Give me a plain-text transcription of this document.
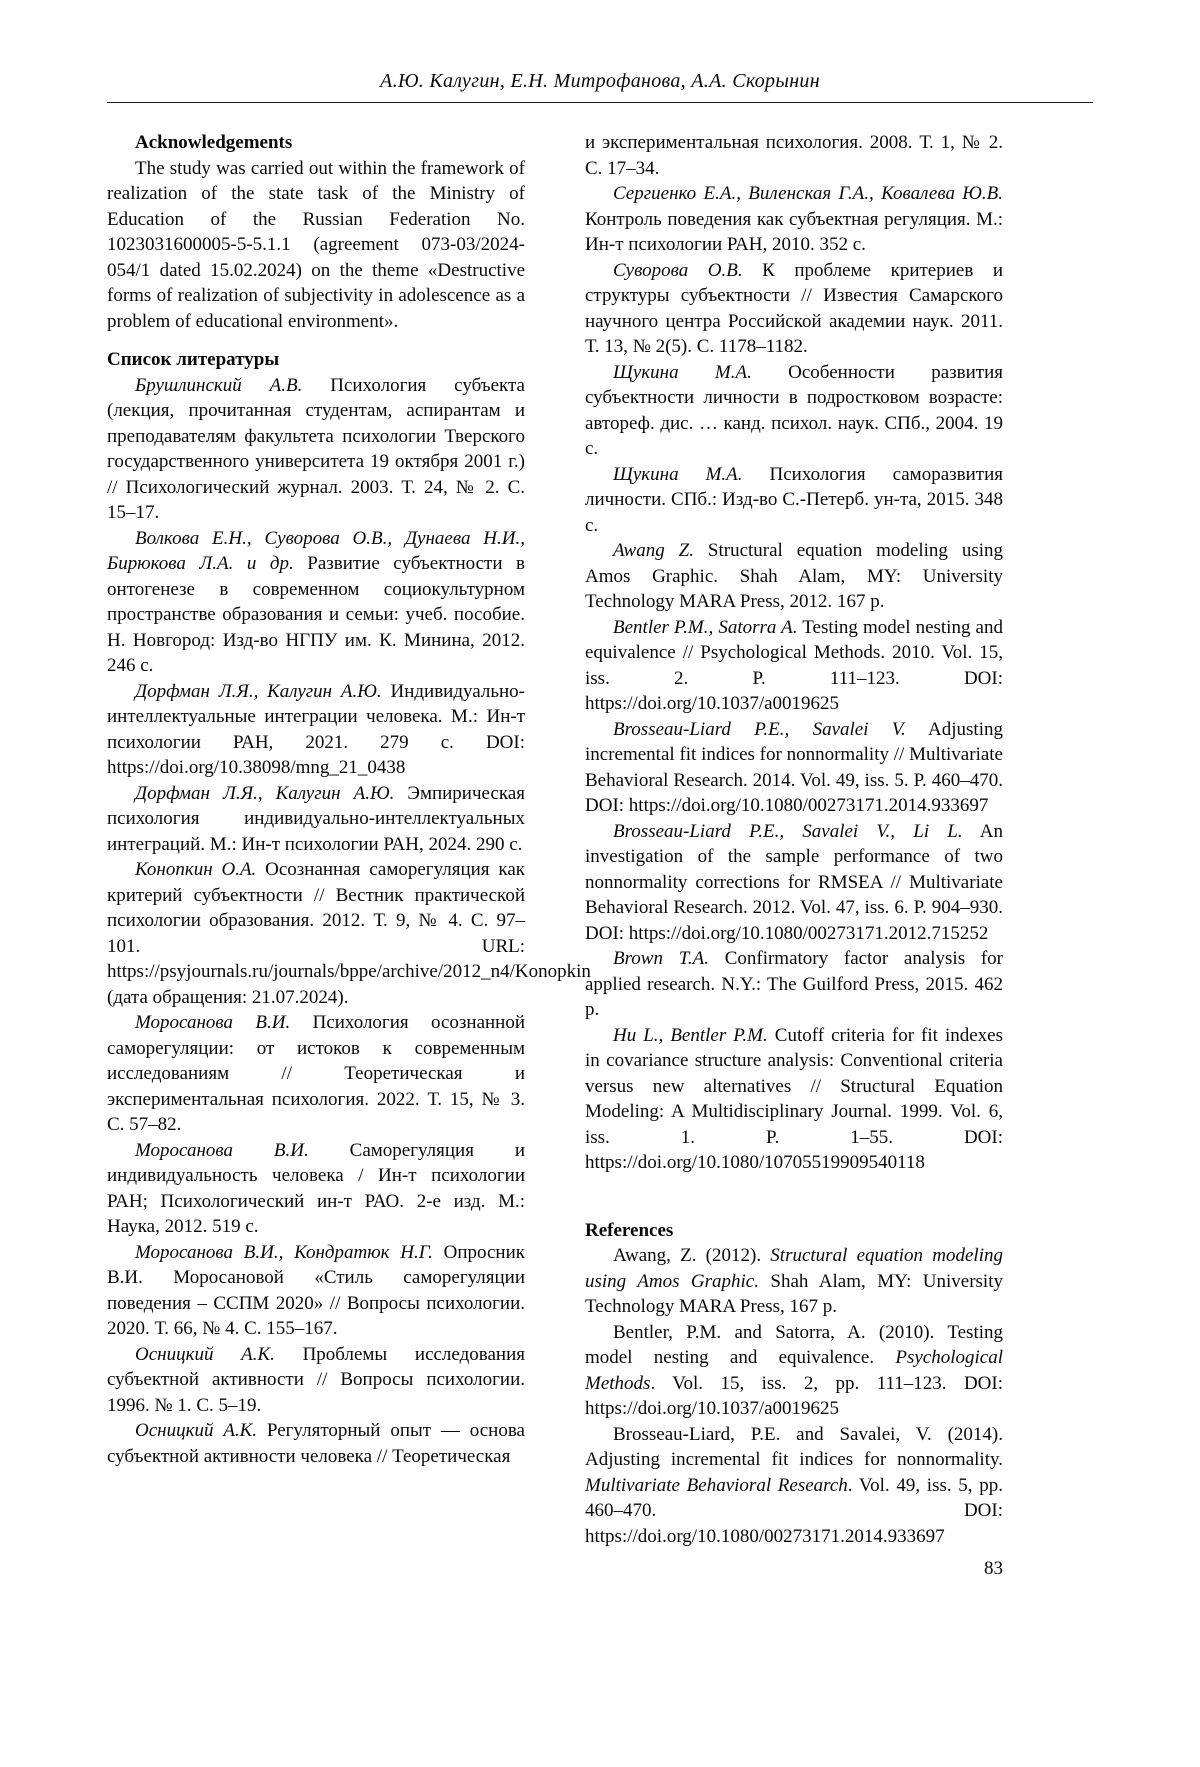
А.Ю. Калугин, Е.Н. Митрофанова, А.А. Скорынин

Acknowledgements

The study was carried out within the framework of realization of the state task of the Ministry of Education of the Russian Federation No. 1023031600005-5-5.1.1 (agreement 073-03/2024-054/1 dated 15.02.2024) on the theme «Destructive forms of realization of subjectivity in adolescence as a problem of educational environment».

Список литературы

Брушлинский А.В. Психология субъекта (лекция, прочитанная студентам, аспирантам и преподавателям факультета психологии Тверского государственного университета 19 октября 2001 г.) // Психологический журнал. 2003. Т. 24, № 2. С. 15–17.

Волкова Е.Н., Суворова О.В., Дунаева Н.И., Бирюкова Л.А. и др. Развитие субъектности в онтогенезе в современном социокультурном пространстве образования и семьи: учеб. пособие. Н. Новгород: Изд-во НГПУ им. К. Минина, 2012. 246 с.

Дорфман Л.Я., Калугин А.Ю. Индивидуально-интеллектуальные интеграции человека. М.: Ин-т психологии РАН, 2021. 279 с. DOI: https://doi.org/10.38098/mng_21_0438

Дорфман Л.Я., Калугин А.Ю. Эмпирическая психология индивидуально-интеллектуальных интеграций. М.: Ин-т психологии РАН, 2024. 290 с.

Конопкин О.А. Осознанная саморегуляция как критерий субъектности // Вестник практической психологии образования. 2012. Т. 9, № 4. С. 97–101. URL: https://psyjournals.ru/journals/bppe/archive/2012_n4/Konopkin (дата обращения: 21.07.2024).

Моросанова В.И. Психология осознанной саморегуляции: от истоков к современным исследованиям // Теоретическая и экспериментальная психология. 2022. Т. 15, № 3. С. 57–82.

Моросанова В.И. Саморегуляция и индивидуальность человека / Ин-т психологии РАН; Психологический ин-т РАО. 2-е изд. М.: Наука, 2012. 519 с.

Моросанова В.И., Кондратюк Н.Г. Опросник В.И. Моросановой «Стиль саморегуляции поведения – ССПМ 2020» // Вопросы психологии. 2020. Т. 66, № 4. С. 155–167.

Осницкий А.К. Проблемы исследования субъектной активности // Вопросы психологии. 1996. № 1. С. 5–19.

Осницкий А.К. Регуляторный опыт — основа субъектной активности человека // Теоретическая

и экспериментальная психология. 2008. Т. 1, № 2. С. 17–34.

Сергиенко Е.А., Виленская Г.А., Ковалева Ю.В. Контроль поведения как субъектная регуляция. М.: Ин-т психологии РАН, 2010. 352 с.

Суворова О.В. К проблеме критериев и структуры субъектности // Известия Самарского научного центра Российской академии наук. 2011. Т. 13, № 2(5). С. 1178–1182.

Щукина М.А. Особенности развития субъектности личности в подростковом возрасте: автореф. дис. … канд. психол. наук. СПб., 2004. 19 с.

Щукина М.А. Психология саморазвития личности. СПб.: Изд-во С.-Петерб. ун-та, 2015. 348 с.

Awang Z. Structural equation modeling using Amos Graphic. Shah Alam, MY: University Technology MARA Press, 2012. 167 p.

Bentler P.M., Satorra A. Testing model nesting and equivalence // Psychological Methods. 2010. Vol. 15, iss. 2. P. 111–123. DOI: https://doi.org/10.1037/a0019625

Brosseau-Liard P.E., Savalei V. Adjusting incremental fit indices for nonnormality // Multivariate Behavioral Research. 2014. Vol. 49, iss. 5. P. 460–470. DOI: https://doi.org/10.1080/00273171.2014.933697

Brosseau-Liard P.E., Savalei V., Li L. An investigation of the sample performance of two nonnormality corrections for RMSEA // Multivariate Behavioral Research. 2012. Vol. 47, iss. 6. P. 904–930. DOI: https://doi.org/10.1080/00273171.2012.715252

Brown T.A. Confirmatory factor analysis for applied research. N.Y.: The Guilford Press, 2015. 462 p.

Hu L., Bentler P.M. Cutoff criteria for fit indexes in covariance structure analysis: Conventional criteria versus new alternatives // Structural Equation Modeling: A Multidisciplinary Journal. 1999. Vol. 6, iss. 1. P. 1–55. DOI: https://doi.org/10.1080/10705519909540118

References

Awang, Z. (2012). Structural equation modeling using Amos Graphic. Shah Alam, MY: University Technology MARA Press, 167 p.

Bentler, P.M. and Satorra, A. (2010). Testing model nesting and equivalence. Psychological Methods. Vol. 15, iss. 2, pp. 111–123. DOI: https://doi.org/10.1037/a0019625

Brosseau-Liard, P.E. and Savalei, V. (2014). Adjusting incremental fit indices for nonnormality. Multivariate Behavioral Research. Vol. 49, iss. 5, pp. 460–470. DOI: https://doi.org/10.1080/00273171.2014.933697

83
